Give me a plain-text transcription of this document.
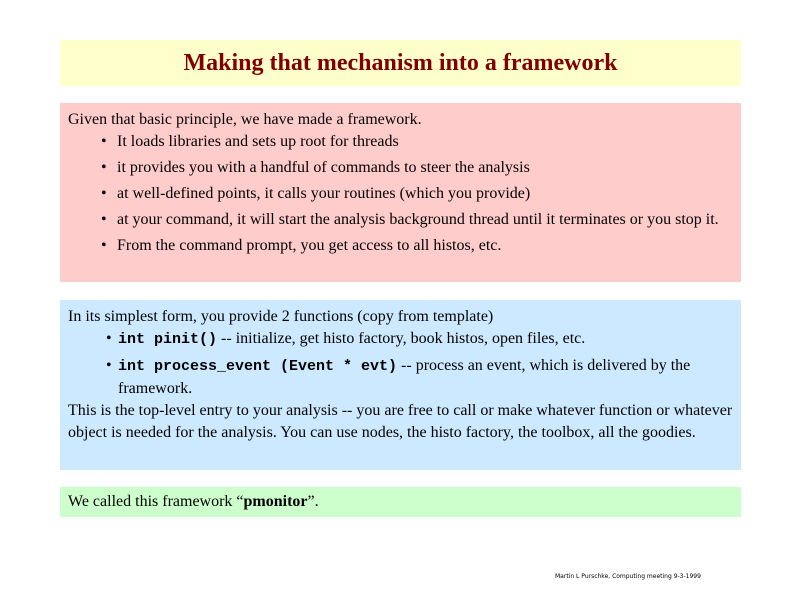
Making that mechanism into a framework

Given that basic principle, we have made a framework.

• It loads libraries and sets up root for threads
• it provides you with a handful of commands to steer the analysis
• at well-defined points, it calls your routines (which you provide)
• at your command, it will start the analysis background thread until it terminates or you stop it.
• From the command prompt, you get access to all histos, etc.

In its simplest form, you provide 2 functions (copy from template)

• int pinit() -- initialize, get histo factory, book histos, open files, etc.
• int process_event (Event * evt) -- process an event, which is delivered by the framework.

This is the top-level entry to your analysis -- you are free to call or make whatever function or whatever object is needed for the analysis. You can use nodes, the histo factory, the toolbox, all the goodies.

We called this framework “pmonitor”.
Martin L Purschke, Computing meeting 9-3-1999
